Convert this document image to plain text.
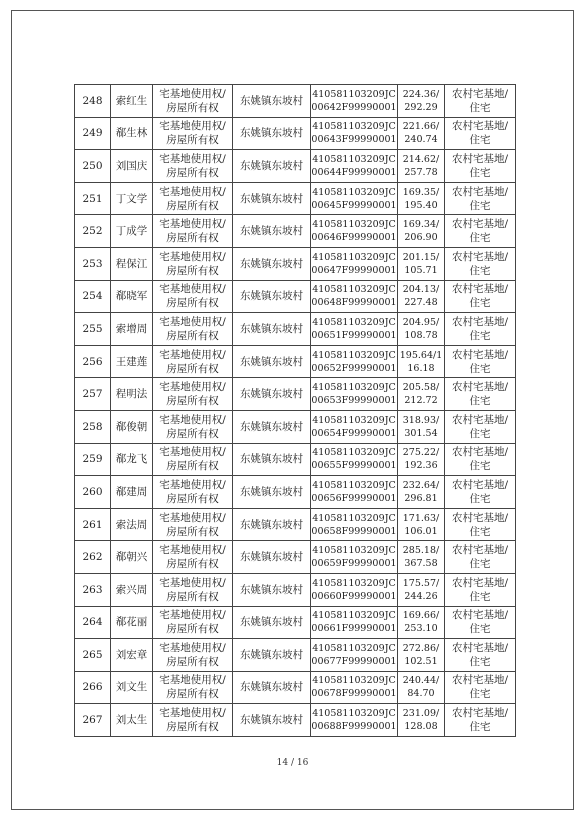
248	索红生	宅基地使用权/
房屋所有权	东姚镇东坡村	410581103209JC
00642F99990001	224.36/
292.29	农村宅基地/
住宅

249	郗生林	宅基地使用权/
房屋所有权	东姚镇东坡村	410581103209JC
00643F99990001	221.66/
240.74	农村宅基地/
住宅

250	刘国庆	宅基地使用权/
房屋所有权	东姚镇东坡村	410581103209JC
00644F99990001	214.62/
257.78	农村宅基地/
住宅

251	丁文学	宅基地使用权/
房屋所有权	东姚镇东坡村	410581103209JC
00645F99990001	169.35/
195.40	农村宅基地/
住宅

252	丁成学	宅基地使用权/
房屋所有权	东姚镇东坡村	410581103209JC
00646F99990001	169.34/
206.90	农村宅基地/
住宅

253	程保江	宅基地使用权/
房屋所有权	东姚镇东坡村	410581103209JC
00647F99990001	201.15/
105.71	农村宅基地/
住宅

254	郗晓军	宅基地使用权/
房屋所有权	东姚镇东坡村	410581103209JC
00648F99990001	204.13/
227.48	农村宅基地/
住宅

255	索增周	宅基地使用权/
房屋所有权	东姚镇东坡村	410581103209JC
00651F99990001	204.95/
108.78	农村宅基地/
住宅

256	王建莲	宅基地使用权/
房屋所有权	东姚镇东坡村	410581103209JC
00652F99990001	195.64/1
16.18	农村宅基地/
住宅

257	程明法	宅基地使用权/
房屋所有权	东姚镇东坡村	410581103209JC
00653F99990001	205.58/
212.72	农村宅基地/
住宅

258	郗俊朝	宅基地使用权/
房屋所有权	东姚镇东坡村	410581103209JC
00654F99990001	318.93/
301.54	农村宅基地/
住宅

259	郗龙飞	宅基地使用权/
房屋所有权	东姚镇东坡村	410581103209JC
00655F99990001	275.22/
192.36	农村宅基地/
住宅

260	郗建周	宅基地使用权/
房屋所有权	东姚镇东坡村	410581103209JC
00656F99990001	232.64/
296.81	农村宅基地/
住宅

261	索法周	宅基地使用权/
房屋所有权	东姚镇东坡村	410581103209JC
00658F99990001	171.63/
106.01	农村宅基地/
住宅

262	郗朝兴	宅基地使用权/
房屋所有权	东姚镇东坡村	410581103209JC
00659F99990001	285.18/
367.58	农村宅基地/
住宅

263	索兴周	宅基地使用权/
房屋所有权	东姚镇东坡村	410581103209JC
00660F99990001	175.57/
244.26	农村宅基地/
住宅

264	郗花丽	宅基地使用权/
房屋所有权	东姚镇东坡村	410581103209JC
00661F99990001	169.66/
253.10	农村宅基地/
住宅

265	刘宏章	宅基地使用权/
房屋所有权	东姚镇东坡村	410581103209JC
00677F99990001	272.86/
102.51	农村宅基地/
住宅

266	刘文生	宅基地使用权/
房屋所有权	东姚镇东坡村	410581103209JC
00678F99990001	240.44/
84.70	农村宅基地/
住宅

267	刘太生	宅基地使用权/
房屋所有权	东姚镇东坡村	410581103209JC
00688F99990001	231.09/
128.08	农村宅基地/
住宅
14 / 16
